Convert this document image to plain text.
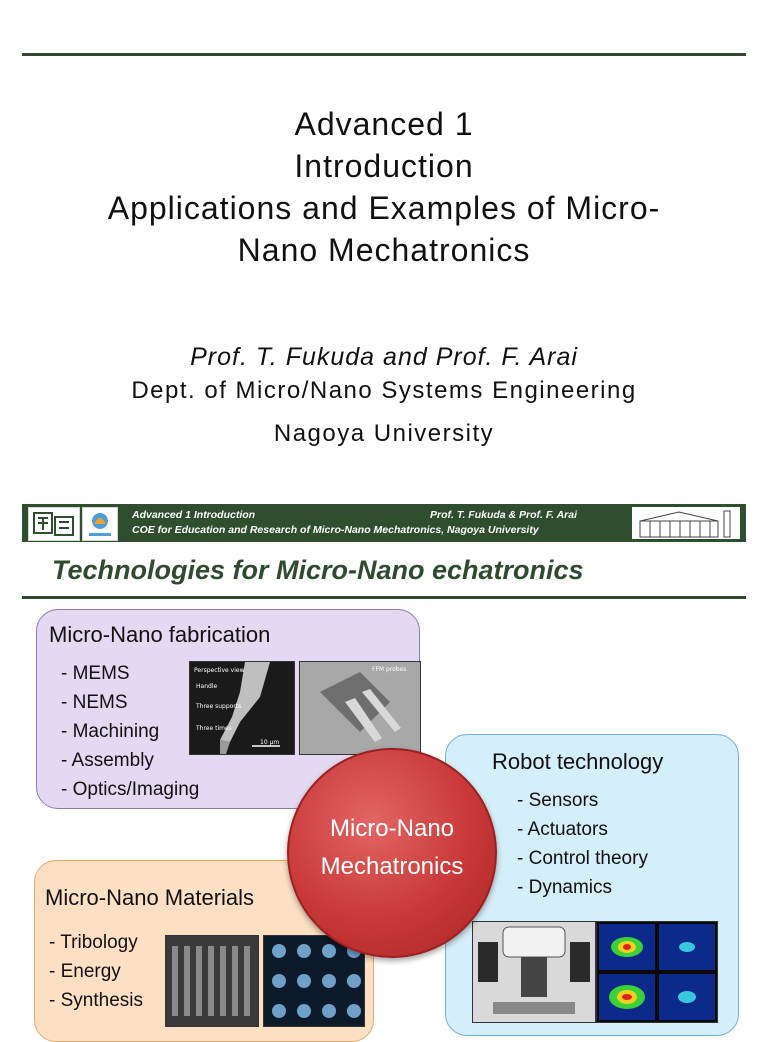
Advanced 1
Introduction
Applications and Examples of Micro-
Nano Mechatronics
Prof. T. Fukuda and Prof. F. Arai
Dept. of Micro/Nano Systems Engineering
Nagoya University
Advanced 1 Introduction	Prof. T. Fukuda & Prof. F. Arai
COE for Education and Research of Micro-Nano Mechatronics, Nagoya University
Technologies for Micro-Nano echatronics
Micro-Nano fabrication
- MEMS
- NEMS
- Machining
- Assembly
- Optics/Imaging
Perspective view
Handle
Three supports
Three times
10 µm
FFM probes
Robot technology
- Sensors
- Actuators
- Control theory
- Dynamics
Micro-Nano Materials
- Tribology
- Energy
- Synthesis
Micro-Nano
Mechatronics
